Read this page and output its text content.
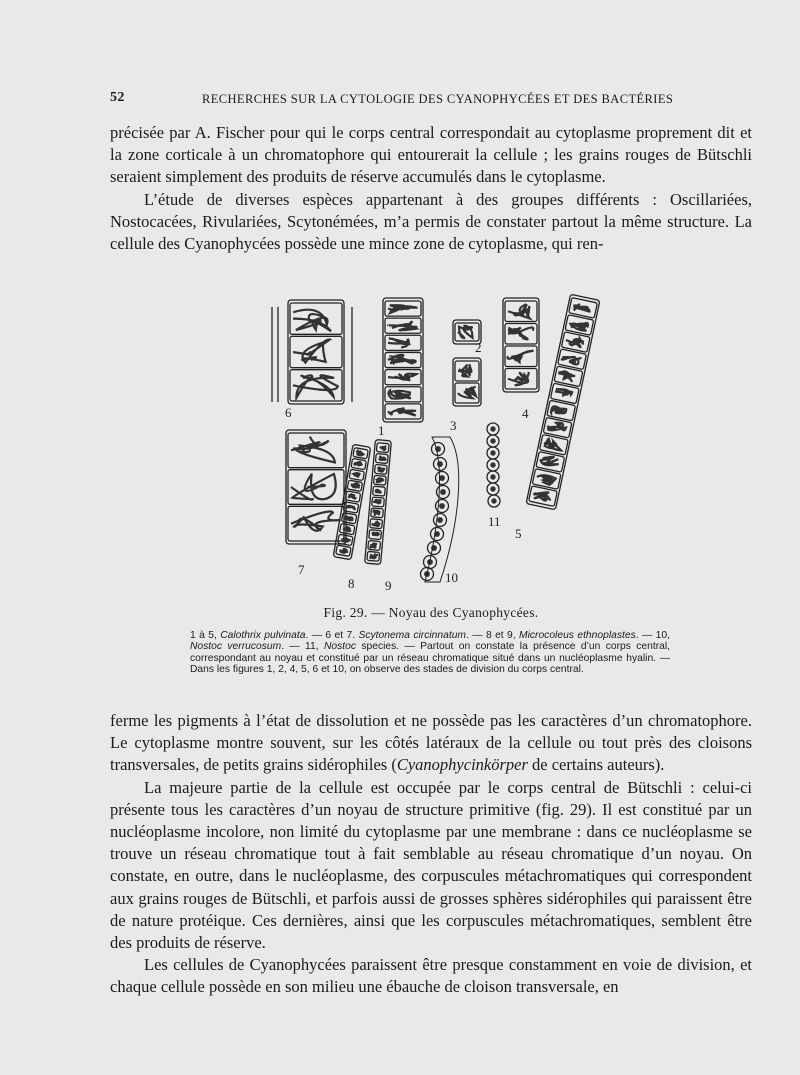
52	RECHERCHES SUR LA CYTOLOGIE DES CYANOPHYCÉES ET DES BACTÉRIES

précisée par A. Fischer pour qui le corps central correspondait au cytoplasme proprement dit et la zone corticale à un chromatophore qui entourerait la cellule ; les grains rouges de Bütschli seraient simplement des produits de réserve accumulés dans le cytoplasme.

L’étude de diverses espèces appartenant à des groupes différents : Oscillariées, Nostocacées, Rivulariées, Scytonémées, m’a permis de constater partout la même structure. La cellule des Cyanophycées possède une mince zone de cytoplasme, qui ren-

1
2
3
4
5
6
7
8 9
10
11
Fig. 29. — Noyau des Cyanophycées.
1 à 5, Calothrix pulvinata. — 6 et 7. Scytonema circinnatum. — 8 et 9, Microcoleus ethnoplastes. — 10, Nostoc verrucosum. — 11, Nostoc species. — Partout on constate la présence d’un corps central, correspondant au noyau et constitué par un réseau chromatique situé dans un nucléoplasme hyalin. — Dans les figures 1, 2, 4, 5, 6 et 10, on observe des stades de division du corps central.

ferme les pigments à l’état de dissolution et ne possède pas les caractères d’un chromatophore. Le cytoplasme montre souvent, sur les côtés latéraux de la cellule ou tout près des cloisons transversales, de petits grains sidérophiles (Cyanophycinkörper de certains auteurs).

La majeure partie de la cellule est occupée par le corps central de Bütschli : celui-ci présente tous les caractères d’un noyau de structure primitive (fig. 29). Il est constitué par un nucléoplasme incolore, non limité du cytoplasme par une membrane : dans ce nucléoplasme se trouve un réseau chromatique tout à fait semblable au réseau chromatique d’un noyau. On constate, en outre, dans le nucléoplasme, des corpuscules métachromatiques qui correspondent aux grains rouges de Bütschli, et parfois aussi de grosses sphères sidérophiles qui paraissent être de nature protéique. Ces dernières, ainsi que les corpuscules métachromatiques, semblent être des produits de réserve.

Les cellules de Cyanophycées paraissent être presque constamment en voie de division, et chaque cellule possède en son milieu une ébauche de cloison transversale, en
